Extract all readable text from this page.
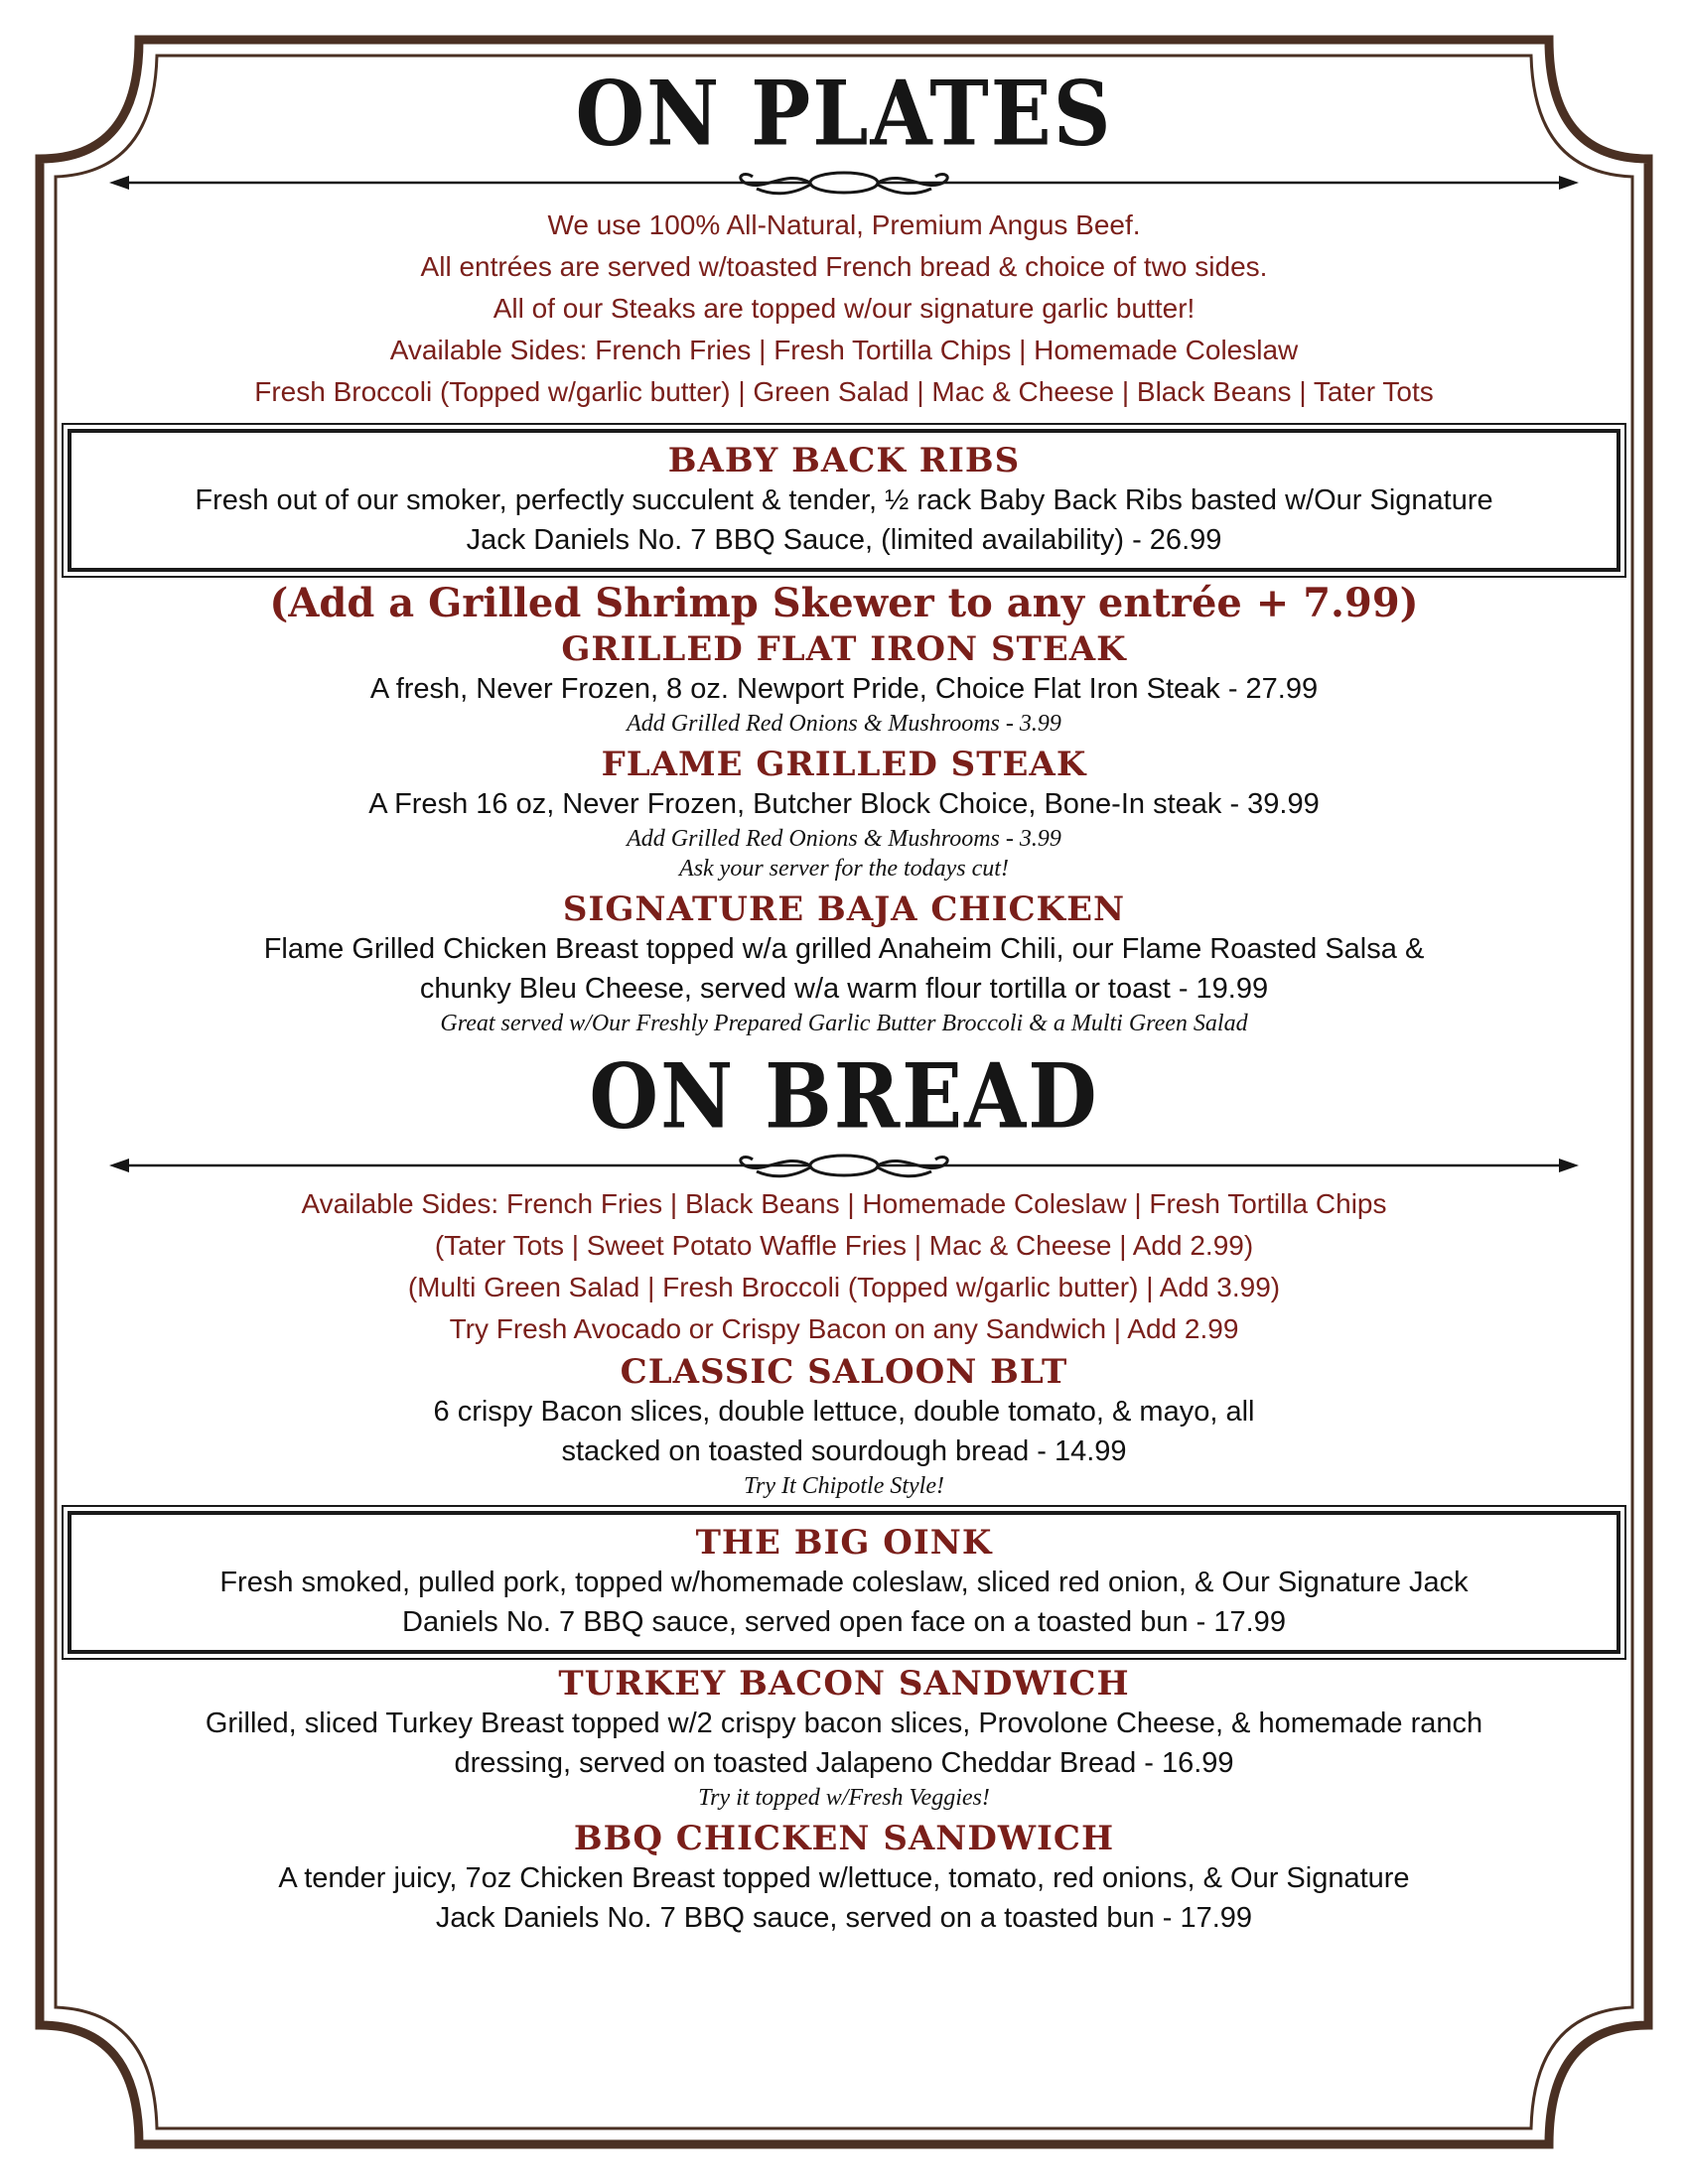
ON PLATES
We use 100% All-Natural, Premium Angus Beef.
All entrées are served w/toasted French bread & choice of two sides.
All of our Steaks are topped w/our signature garlic butter!
Available Sides: French Fries | Fresh Tortilla Chips | Homemade Coleslaw
Fresh Broccoli (Topped w/garlic butter) | Green Salad | Mac & Cheese | Black Beans | Tater Tots
BABY BACK RIBS
Fresh out of our smoker, perfectly succulent & tender, ½ rack Baby Back Ribs basted w/Our Signature
Jack Daniels No. 7 BBQ Sauce, (limited availability) - 26.99
(Add a Grilled Shrimp Skewer to any entrée + 7.99)
GRILLED FLAT IRON STEAK
A fresh, Never Frozen, 8 oz. Newport Pride, Choice Flat Iron Steak - 27.99
Add Grilled Red Onions & Mushrooms - 3.99
FLAME GRILLED STEAK
A Fresh 16 oz, Never Frozen, Butcher Block Choice, Bone-In steak - 39.99
Add Grilled Red Onions & Mushrooms - 3.99
Ask your server for the todays cut!
SIGNATURE BAJA CHICKEN
Flame Grilled Chicken Breast topped w/a grilled Anaheim Chili, our Flame Roasted Salsa &
chunky Bleu Cheese, served w/a warm flour tortilla or toast - 19.99
Great served w/Our Freshly Prepared Garlic Butter Broccoli & a Multi Green Salad
ON BREAD
Available Sides: French Fries | Black Beans | Homemade Coleslaw | Fresh Tortilla Chips
(Tater Tots | Sweet Potato Waffle Fries | Mac & Cheese | Add 2.99)
(Multi Green Salad | Fresh Broccoli (Topped w/garlic butter) | Add 3.99)
Try Fresh Avocado or Crispy Bacon on any Sandwich | Add 2.99
CLASSIC SALOON BLT
6 crispy Bacon slices, double lettuce, double tomato, & mayo, all
stacked on toasted sourdough bread - 14.99
Try It Chipotle Style!
THE BIG OINK
Fresh smoked, pulled pork, topped w/homemade coleslaw, sliced red onion, & Our Signature Jack
Daniels No. 7 BBQ sauce, served open face on a toasted bun - 17.99
TURKEY BACON SANDWICH
Grilled, sliced Turkey Breast topped w/2 crispy bacon slices, Provolone Cheese, & homemade ranch
dressing, served on toasted Jalapeno Cheddar Bread - 16.99
Try it topped w/Fresh Veggies!
BBQ CHICKEN SANDWICH
A tender juicy, 7oz Chicken Breast topped w/lettuce, tomato, red onions, & Our Signature
Jack Daniels No. 7 BBQ sauce, served on a toasted bun - 17.99
